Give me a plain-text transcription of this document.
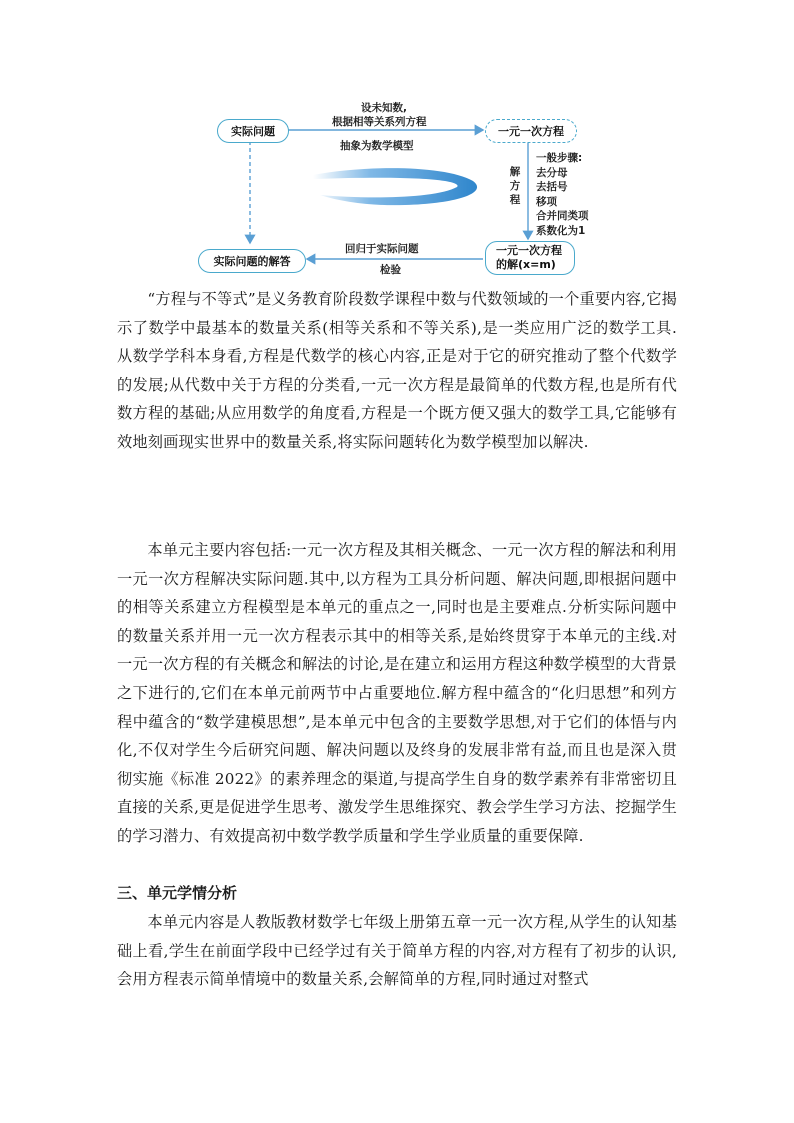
实际问题	一元一次方程
实际问题的解答
一元一次方程
的解(x=m)
设未知数,
根据相等关系列方程
抽象为数学模型
解
方
程
一般步骤:
去分母
去括号
移项
合并同类项
系数化为1
回归于实际问题
检验

“方程与不等式”是义务教育阶段数学课程中数与代数领域的一个重要内容,它揭示了数学中最基本的数量关系(相等关系和不等关系),是一类应用广泛的数学工具.从数学学科本身看,方程是代数学的核心内容,正是对于它的研究推动了整个代数学的发展;从代数中关于方程的分类看,一元一次方程是最简单的代数方程,也是所有代数方程的基础;从应用数学的角度看,方程是一个既方便又强大的数学工具,它能够有效地刻画现实世界中的数量关系,将实际问题转化为数学模型加以解决.

本单元主要内容包括:一元一次方程及其相关概念、一元一次方程的解法和利用一元一次方程解决实际问题.其中,以方程为工具分析问题、解决问题,即根据问题中的相等关系建立方程模型是本单元的重点之一,同时也是主要难点.分析实际问题中的数量关系并用一元一次方程表示其中的相等关系,是始终贯穿于本单元的主线.对一元一次方程的有关概念和解法的讨论,是在建立和运用方程这种数学模型的大背景之下进行的,它们在本单元前两节中占重要地位.解方程中蕴含的“化归思想”和列方程中蕴含的“数学建模思想”,是本单元中包含的主要数学思想,对于它们的体悟与内化,不仅对学生今后研究问题、解决问题以及终身的发展非常有益,而且也是深入贯彻实施《标准 2022》的素养理念的渠道,与提高学生自身的数学素养有非常密切且直接的关系,更是促进学生思考、激发学生思维探究、教会学生学习方法、挖掘学生的学习潜力、有效提高初中数学教学质量和学生学业质量的重要保障.

三、单元学情分析

本单元内容是人教版教材数学七年级上册第五章一元一次方程,从学生的认知基础上看,学生在前面学段中已经学过有关于简单方程的内容,对方程有了初步的认识,会用方程表示简单情境中的数量关系,会解简单的方程,同时通过对整式
